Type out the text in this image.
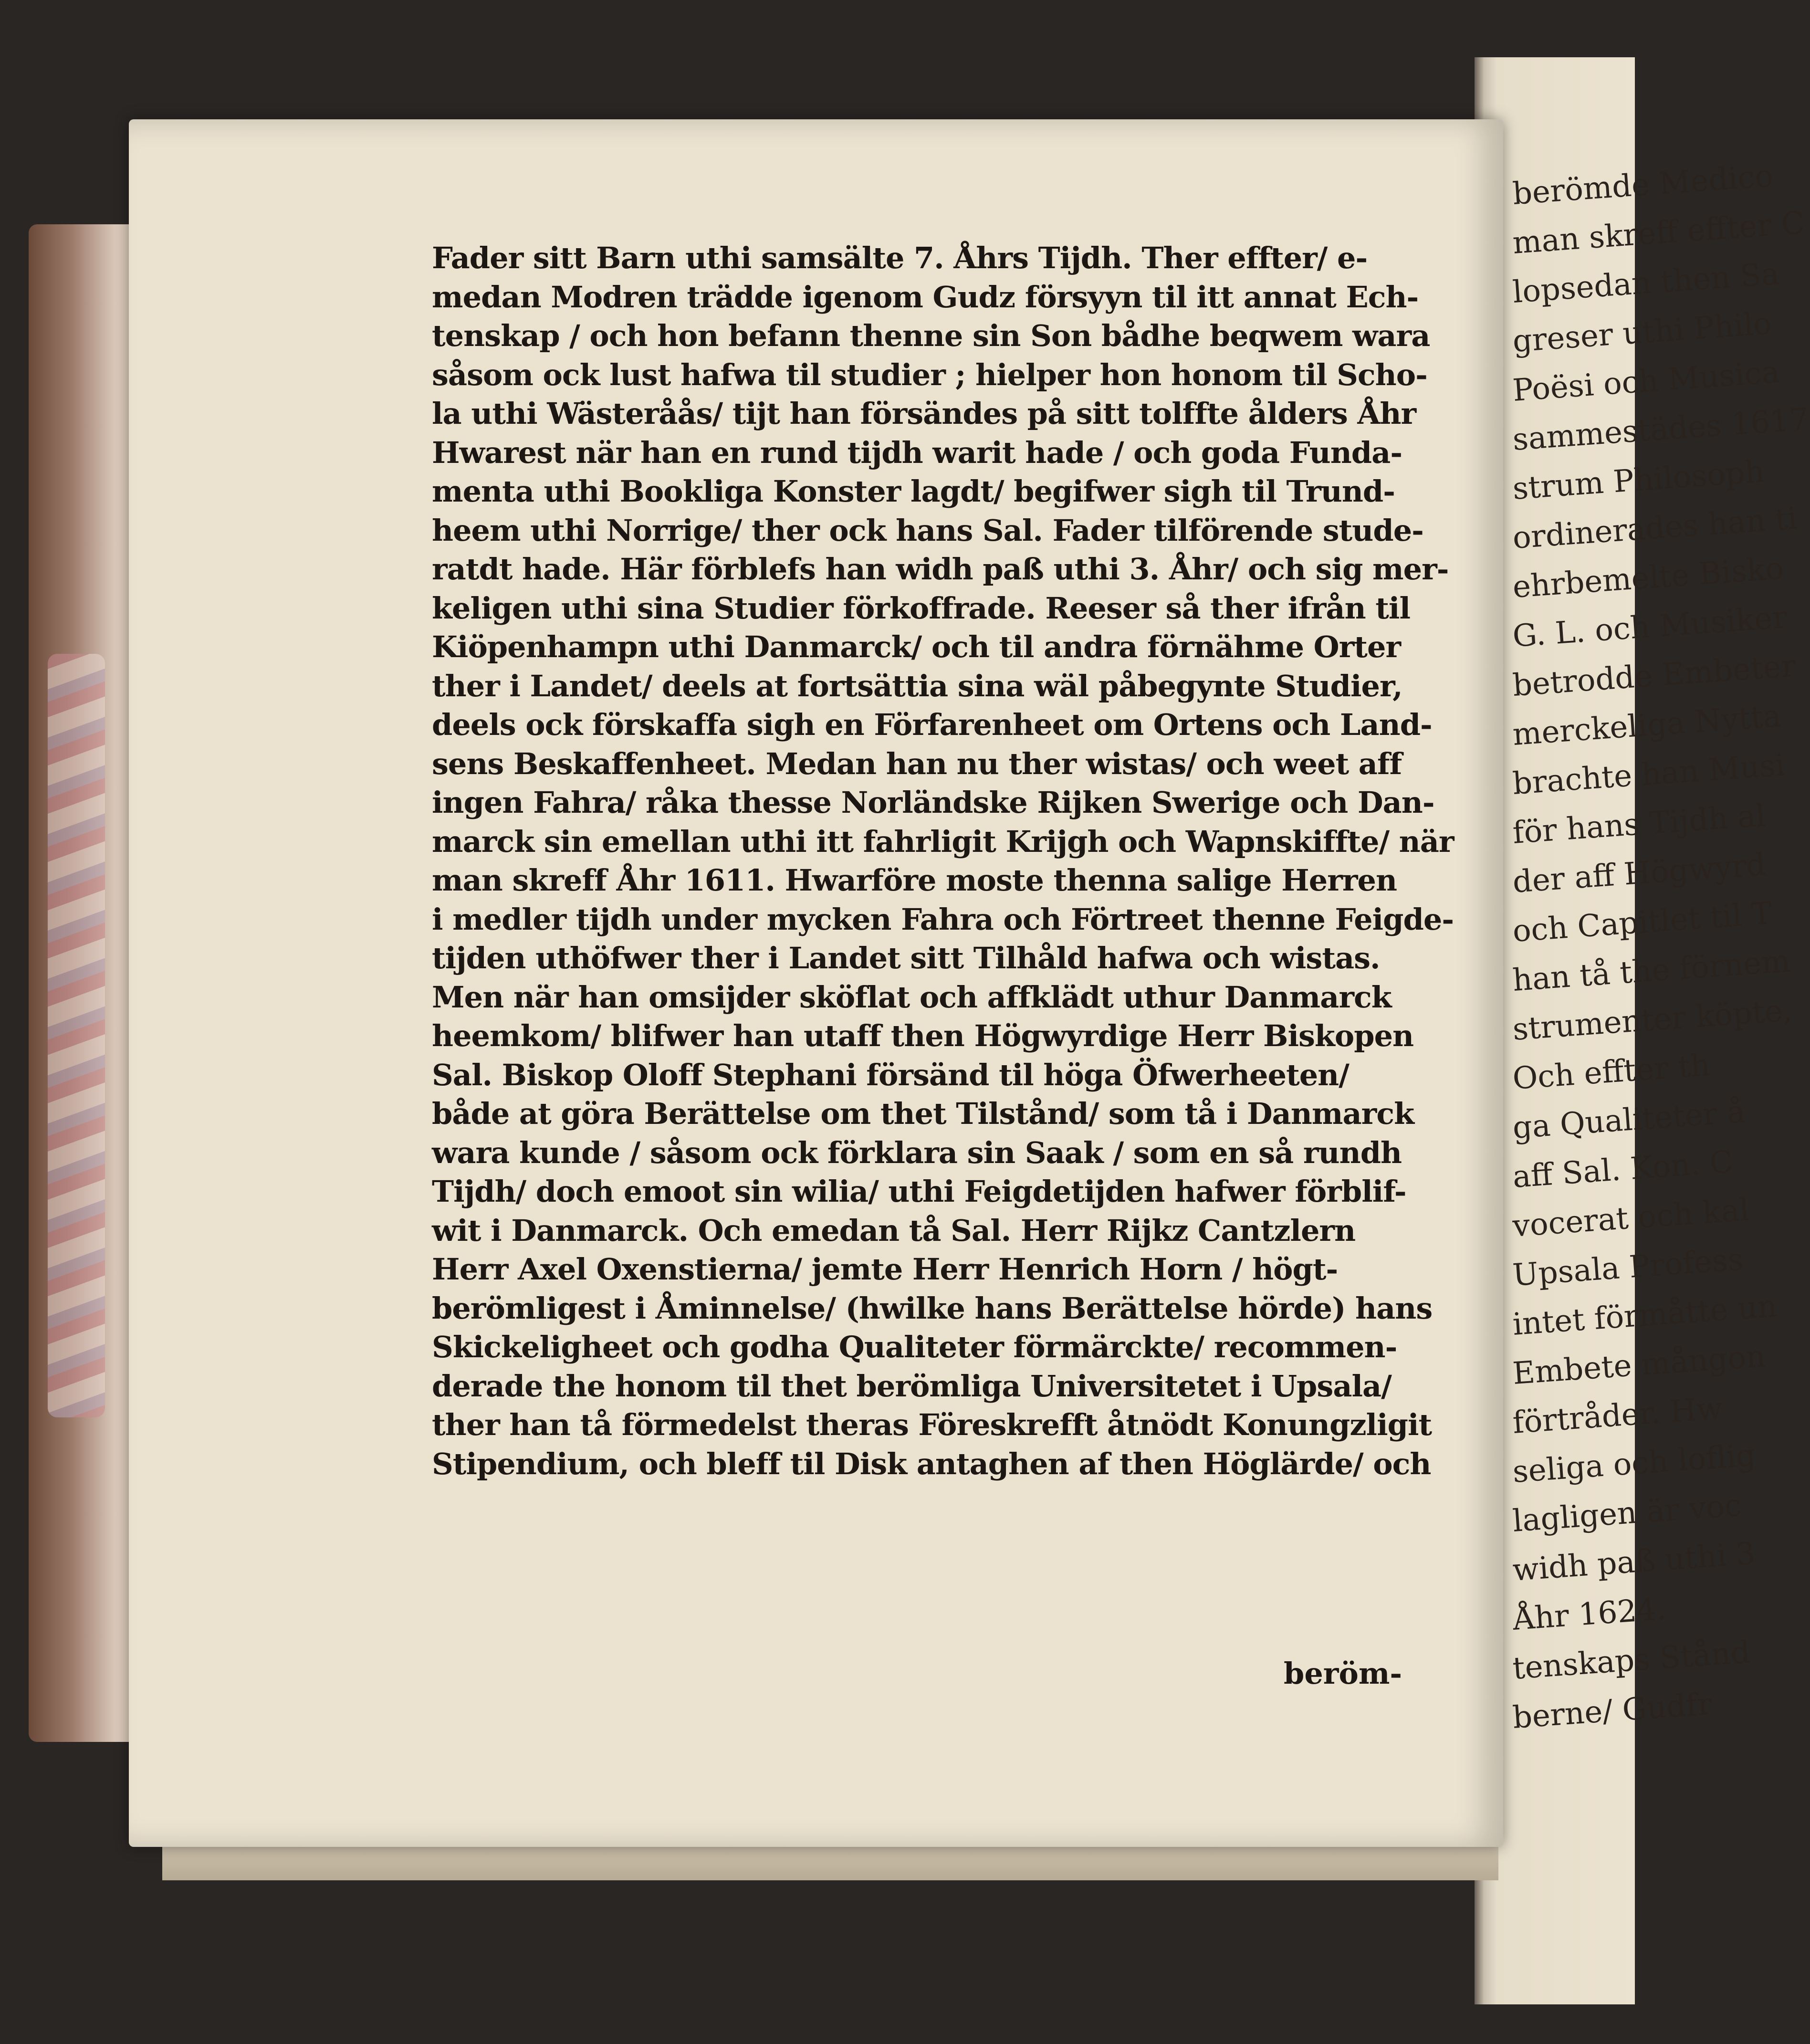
berömde Medico
man skreff effter C
lopsedan then Sa
greser uthi Philo
Poësi och Musica
sammestädes 1617
strum Philosoph
ordinerades han ti
ehrbemelte Bisko
G. L. och Musiker
betrodde Embeter
merckeliga Nytta
brachte han Musi
för hans Tijdh al
der aff Högwyrd
och Capitlet til T
han tå the förnem
strumenter köpte,
Och effter th
ga Qualiteter å
aff Sal. Kon. C
vocerat och kal
Upsala Profess
intet förmåtte un
Embete mångon
förtråder. Hw
seliga och loflig
lagligen är voc
widh paß uthi 3
Åhr 1624.
tenskaps Stånd
berne/ Gudfr
Fader sitt Barn uthi samsälte 7. Åhrs Tijdh. Ther effter/ e-
medan Modren trädde igenom Gudz försyyn til itt annat Ech-
tenskap / och hon befann thenne sin Son bådhe beqwem wara
såsom ock lust hafwa til studier ; hielper hon honom til Scho-
la uthi Wästeråås/ tijt han försändes på sitt tolffte ålders Åhr
Hwarest när han en rund tijdh warit hade / och goda Funda-
menta uthi Bookliga Konster lagdt/ begifwer sigh til Trund-
heem uthi Norrige/ ther ock hans Sal. Fader tilförende stude-
ratdt hade. Här förblefs han widh paß uthi 3. Åhr/ och sig mer-
keligen uthi sina Studier förkoffrade. Reeser så ther ifrån til
Kiöpenhampn uthi Danmarck/ och til andra förnähme Orter
ther i Landet/ deels at fortsättia sina wäl påbegynte Studier,
deels ock förskaffa sigh en Förfarenheet om Ortens och Land-
sens Beskaffenheet. Medan han nu ther wistas/ och weet aff
ingen Fahra/ råka thesse Norländske Rijken Swerige och Dan-
marck sin emellan uthi itt fahrligit Krijgh och Wapnskiffte/ när
man skreff Åhr 1611. Hwarföre moste thenna salige Herren
i medler tijdh under mycken Fahra och Förtreet thenne Feigde-
tijden uthöfwer ther i Landet sitt Tilhåld hafwa och wistas.
Men när han omsijder sköflat och affklädt uthur Danmarck
heemkom/ blifwer han utaff then Högwyrdige Herr Biskopen
Sal. Biskop Oloff Stephani försänd til höga Öfwerheeten/
både at göra Berättelse om thet Tilstånd/ som tå i Danmarck
wara kunde / såsom ock förklara sin Saak / som en så rundh
Tijdh/ doch emoot sin wilia/ uthi Feigdetijden hafwer förblif-
wit i Danmarck. Och emedan tå Sal. Herr Rijkz Cantzlern
Herr Axel Oxenstierna/ jemte Herr Henrich Horn / högt-
berömligest i Åminnelse/ (hwilke hans Berättelse hörde) hans
Skickeligheet och godha Qualiteter förmärckte/ recommen-
derade the honom til thet berömliga Universitetet i Upsala/
ther han tå förmedelst theras Föreskrefft åtnödt Konungzligit
Stipendium, och bleff til Disk antaghen af then Höglärde/ och
beröm-
